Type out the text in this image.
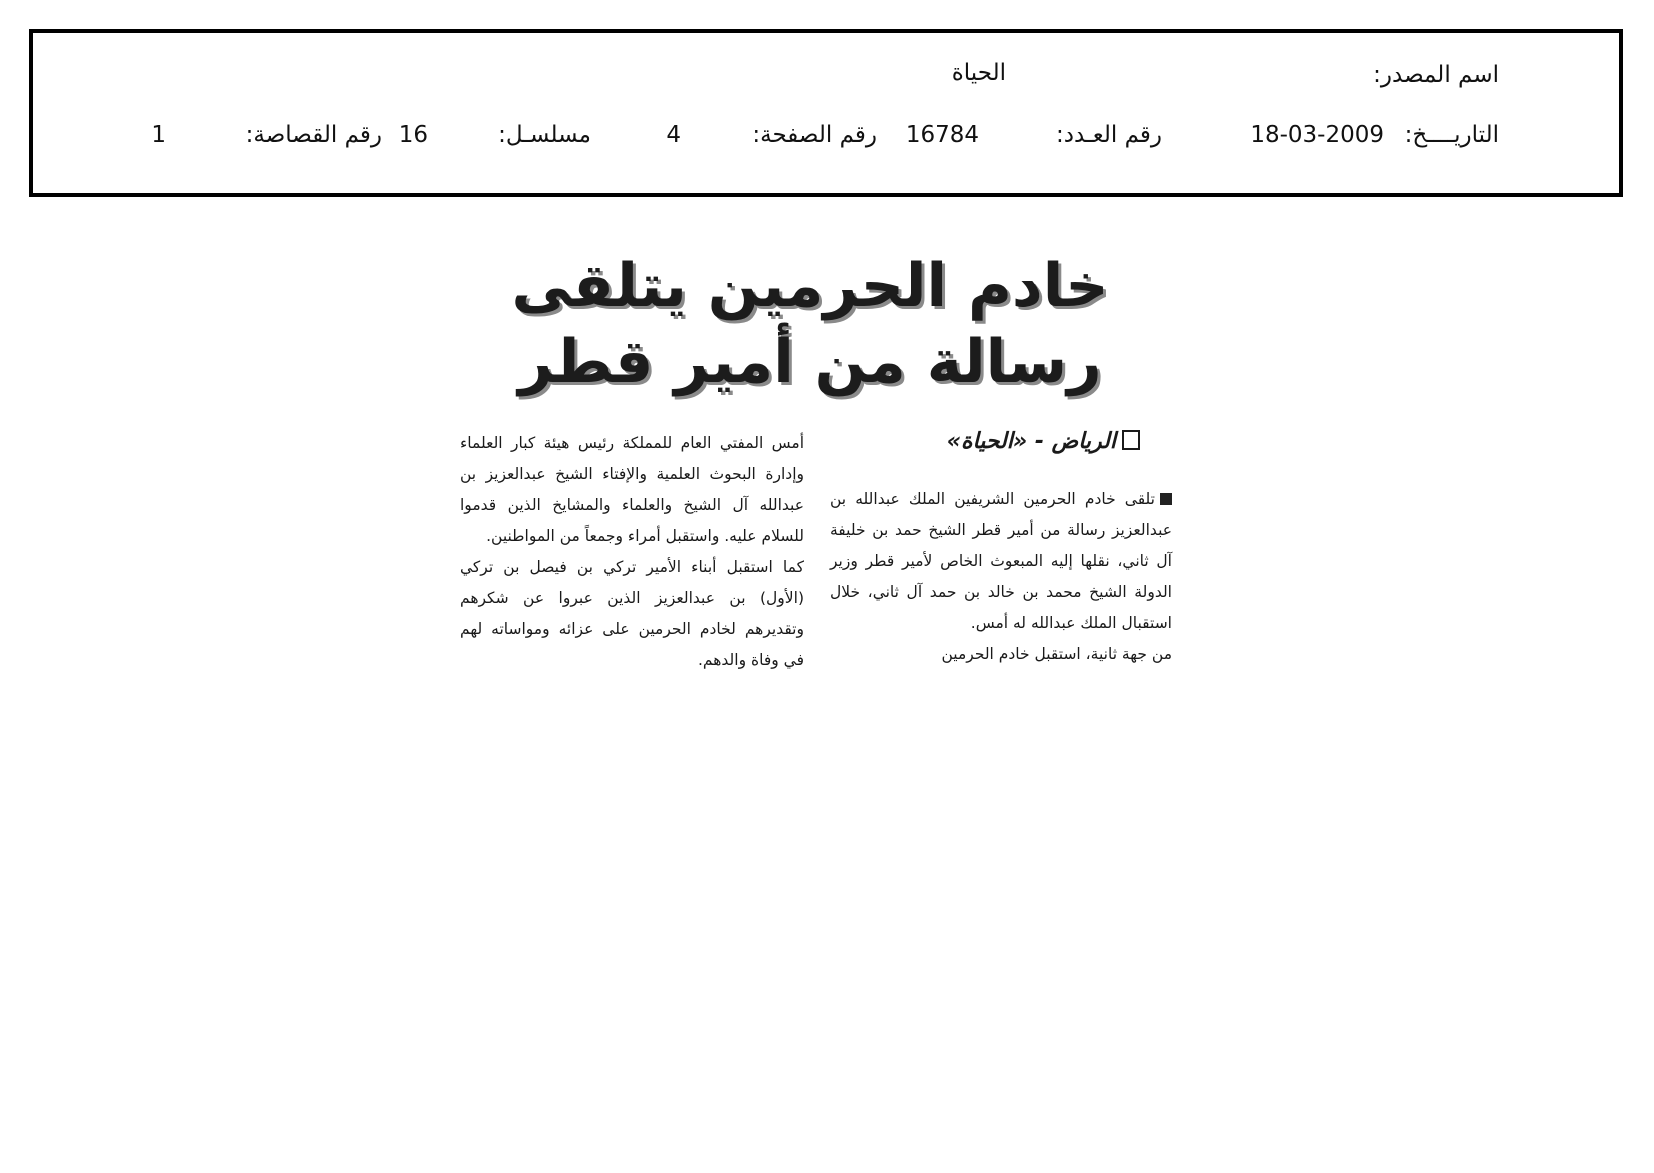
اسم المصدر:
الحياة
التاريــــخ:
18-03-2009
رقم العـدد:
16784
رقم الصفحة:
4
مسلسـل:
16
رقم القصاصة:
1
خادم الحرمين يتلقى
رسالة من أمير قطر
الرياض - «الحياة»

تلقى خادم الحرمين الشريفين الملك عبدالله بن عبدالعزيز رسالة من أمير قطر الشيخ حمد بن خليفة آل ثاني، نقلها إليه المبعوث الخاص لأمير قطر وزير الدولة الشيخ محمد بن خالد بن حمد آل ثاني، خلال استقبال الملك عبدالله له أمس.

من جهة ثانية، استقبل خادم الحرمين

أمس المفتي العام للمملكة رئيس هيئة كبار العلماء وإدارة البحوث العلمية والإفتاء الشيخ عبدالعزيز بن عبدالله آل الشيخ والعلماء والمشايخ الذين قدموا للسلام عليه. واستقبل أمراء وجمعاً من المواطنين.

كما استقبل أبناء الأمير تركي بن فيصل بن تركي (الأول) بن عبدالعزيز الذين عبروا عن شكرهم وتقديرهم لخادم الحرمين على عزائه ومواساته لهم في وفاة والدهم.
